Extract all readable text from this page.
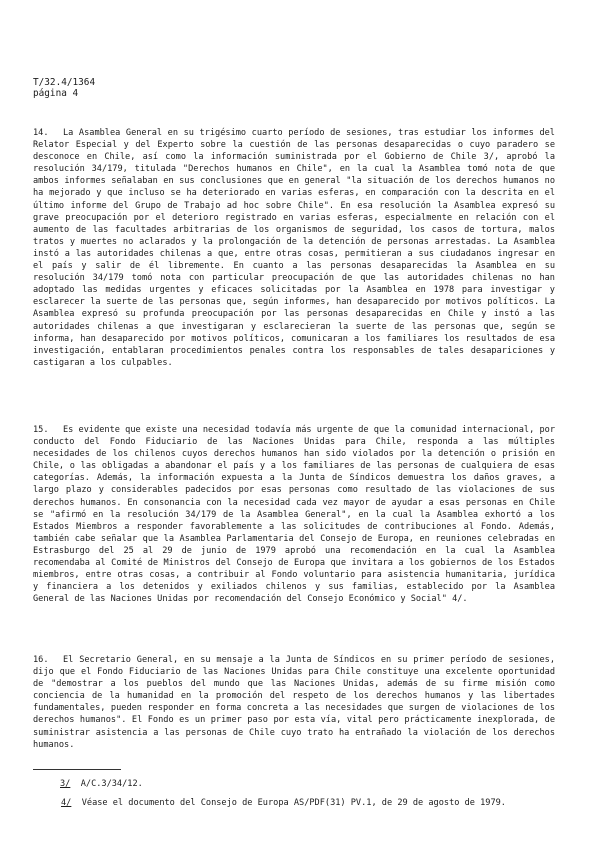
T/32.4/1364
página 4
14. La Asamblea General en su trigésimo cuarto período de sesiones, tras estudiar los informes del Relator Especial y del Experto sobre la cuestión de las personas desaparecidas o cuyo paradero se desconoce en Chile, así como la información suministrada por el Gobierno de Chile 3/, aprobó la resolución 34/179, titulada "Derechos humanos en Chile", en la cual la Asamblea tomó nota de que ambos informes señalaban en sus conclusiones que en general "la situación de los derechos humanos no ha mejorado y que incluso se ha deteriorado en varias esferas, en comparación con la descrita en el último informe del Grupo de Trabajo ad hoc sobre Chile". En esa resolución la Asamblea expresó su grave preocupación por el deterioro registrado en varias esferas, especialmente en relación con el aumento de las facultades arbitrarias de los organismos de seguridad, los casos de tortura, malos tratos y muertes no aclarados y la prolongación de la detención de personas arrestadas. La Asamblea instó a las autoridades chilenas a que, entre otras cosas, permitieran a sus ciudadanos ingresar en el país y salir de él libremente. En cuanto a las personas desaparecidas la Asamblea en su resolución 34/179 tomó nota con particular preocupación de que las autoridades chilenas no han adoptado las medidas urgentes y eficaces solicitadas por la Asamblea en 1978 para investigar y esclarecer la suerte de las personas que, según informes, han desaparecido por motivos políticos. La Asamblea expresó su profunda preocupación por las personas desaparecidas en Chile y instó a las autoridades chilenas a que investigaran y esclarecieran la suerte de las personas que, según se informa, han desaparecido por motivos políticos, comunicaran a los familiares los resultados de esa investigación, entablaran procedimientos penales contra los responsables de tales desapariciones y castigaran a los culpables.
15. Es evidente que existe una necesidad todavía más urgente de que la comunidad internacional, por conducto del Fondo Fiduciario de las Naciones Unidas para Chile, responda a las múltiples necesidades de los chilenos cuyos derechos humanos han sido violados por la detención o prisión en Chile, o las obligadas a abandonar el país y a los familiares de las personas de cualquiera de esas categorías. Además, la información expuesta a la Junta de Síndicos demuestra los daños graves, a largo plazo y considerables padecidos por esas personas como resultado de las violaciones de sus derechos humanos. En consonancia con la necesidad cada vez mayor de ayudar a esas personas en Chile se "afirmó en la resolución 34/179 de la Asamblea General", en la cual la Asamblea exhortó a los Estados Miembros a responder favorablemente a las solicitudes de contribuciones al Fondo. Además, también cabe señalar que la Asamblea Parlamentaria del Consejo de Europa, en reuniones celebradas en Estrasburgo del 25 al 29 de junio de 1979 aprobó una recomendación en la cual la Asamblea recomendaba al Comité de Ministros del Consejo de Europa que invitara a los gobiernos de los Estados miembros, entre otras cosas, a contribuir al Fondo voluntario para asistencia humanitaria, jurídica y financiera a los detenidos y exiliados chilenos y sus familias, establecido por la Asamblea General de las Naciones Unidas por recomendación del Consejo Económico y Social" 4/.
16. El Secretario General, en su mensaje a la Junta de Síndicos en su primer período de sesiones, dijo que el Fondo Fiduciario de las Naciones Unidas para Chile constituye una excelente oportunidad de "demostrar a los pueblos del mundo que las Naciones Unidas, además de su firme misión como conciencia de la humanidad en la promoción del respeto de los derechos humanos y las libertades fundamentales, pueden responder en forma concreta a las necesidades que surgen de violaciones de los derechos humanos". El Fondo es un primer paso por esta vía, vital pero prácticamente inexplorada, de suministrar asistencia a las personas de Chile cuyo trato ha entrañado la violación de los derechos humanos.
3/ A/C.3/34/12.
4/ Véase el documento del Consejo de Europa AS/PDF(31) PV.1, de 29 de agosto de 1979.
